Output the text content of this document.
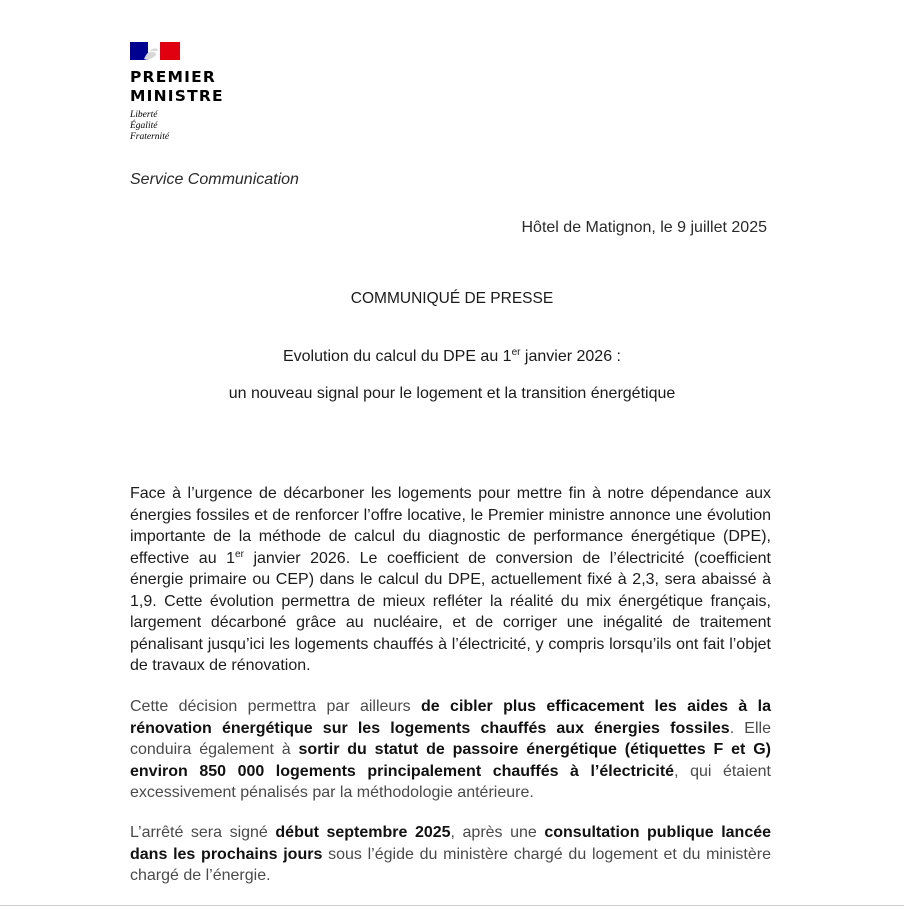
PREMIER
MINISTRE
Liberté
Égalité
Fraternité
Service Communication
Hôtel de Matignon, le 9 juillet 2025
COMMUNIQUÉ DE PRESSE
Evolution du calcul du DPE au 1er janvier 2026 :
un nouveau signal pour le logement et la transition énergétique
Face à l’urgence de décarboner les logements pour mettre fin à notre dépendance aux énergies fossiles et de renforcer l’offre locative, le Premier ministre annonce une évolution importante de la méthode de calcul du diagnostic de performance énergétique (DPE), effective au 1er janvier 2026. Le coefficient de conversion de l’électricité (coefficient énergie primaire ou CEP) dans le calcul du DPE, actuellement fixé à 2,3, sera abaissé à 1,9. Cette évolution permettra de mieux refléter la réalité du mix énergétique français, largement décarboné grâce au nucléaire, et de corriger une inégalité de traitement pénalisant jusqu’ici les logements chauffés à l’électricité, y compris lorsqu’ils ont fait l’objet de travaux de rénovation.
Cette décision permettra par ailleurs de cibler plus efficacement les aides à la rénovation énergétique sur les logements chauffés aux énergies fossiles. Elle conduira également à sortir du statut de passoire énergétique (étiquettes F et G) environ 850 000 logements principalement chauffés à l’électricité, qui étaient excessivement pénalisés par la méthodologie antérieure.
L’arrêté sera signé début septembre 2025, après une consultation publique lancée dans les prochains jours sous l’égide du ministère chargé du logement et du ministère chargé de l’énergie.
